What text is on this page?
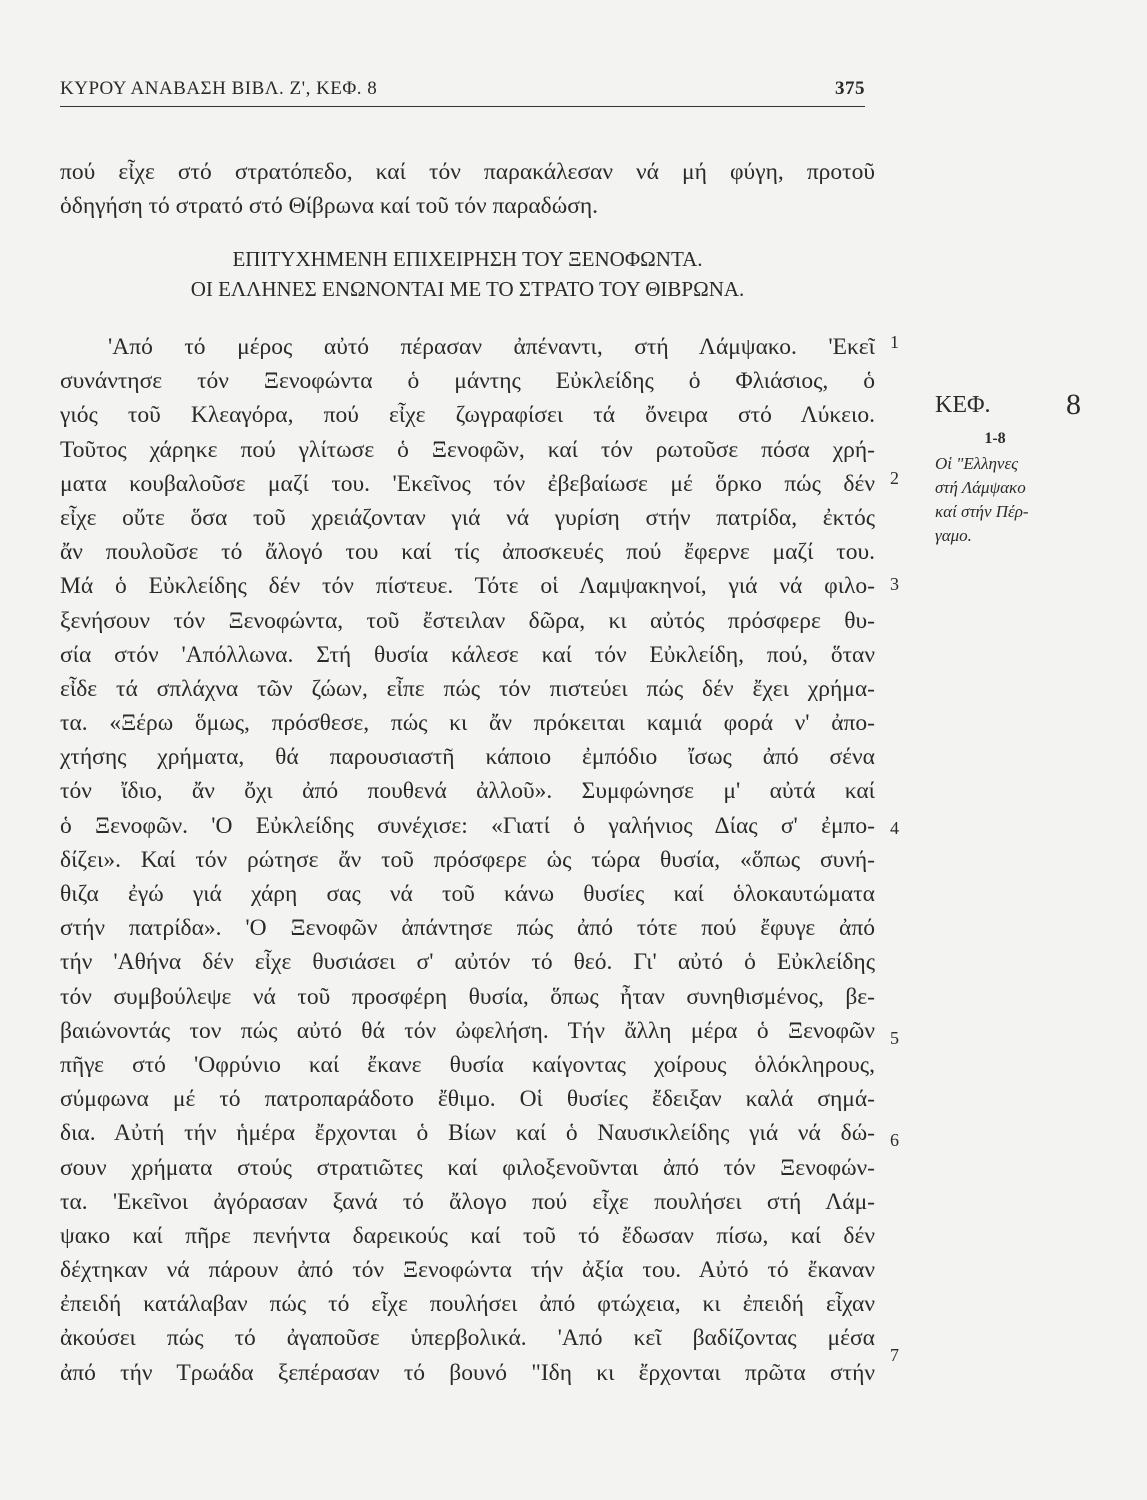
ΚΥΡΟΥ ΑΝΑΒΑΣΗ ΒΙΒΛ. Ζ', ΚΕΦ. 8	375
πού εἶχε στό στρατόπεδο, καί τόν παρακάλεσαν νά μή φύγη, προτοῦ
ὁδηγήση τό στρατό στό Θίβρωνα καί τοῦ τόν παραδώση.
ΕΠΙΤΥΧΗΜΕΝΗ ΕΠΙΧΕΙΡΗΣΗ ΤΟΥ ΞΕΝΟΦΩΝΤΑ.
ΟΙ ΕΛΛΗΝΕΣ ΕΝΩΝΟΝΤΑΙ ΜΕ ΤΟ ΣΤΡΑΤΟ ΤΟΥ ΘΙΒΡΩΝΑ.
'Από τό μέρος αὐτό πέρασαν ἀπέναντι, στή Λάμψακο. 'Εκεῖ
συνάντησε τόν Ξενοφώντα ὁ μάντης Εὐκλείδης ὁ Φλιάσιος, ὁ
γιός τοῦ Κλεαγόρα, πού εἶχε ζωγραφίσει τά ὄνειρα στό Λύκειο.
Τοῦτος χάρηκε πού γλίτωσε ὁ Ξενοφῶν, καί τόν ρωτοῦσε πόσα χρή-
ματα κουβαλοῦσε μαζί του. 'Εκεῖνος τόν ἐβεβαίωσε μέ ὅρκο πώς δέν
εἶχε οὔτε ὅσα τοῦ χρειάζονταν γιά νά γυρίση στήν πατρίδα, ἐκτός
ἄν πουλοῦσε τό ἄλογό του καί τίς ἀποσκευές πού ἔφερνε μαζί του.
Μά ὁ Εὐκλείδης δέν τόν πίστευε. Τότε οἱ Λαμψακηνοί, γιά νά φιλο-
ξενήσουν τόν Ξενοφώντα, τοῦ ἔστειλαν δῶρα, κι αὐτός πρόσφερε θυ-
σία στόν 'Απόλλωνα. Στή θυσία κάλεσε καί τόν Εὐκλείδη, πού, ὅταν
εἶδε τά σπλάχνα τῶν ζώων, εἶπε πώς τόν πιστεύει πώς δέν ἔχει χρήμα-
τα. «Ξέρω ὅμως, πρόσθεσε, πώς κι ἄν πρόκειται καμιά φορά ν' ἀπο-
χτήσης χρήματα, θά παρουσιαστῆ κάποιο ἐμπόδιο ἴσως ἀπό σένα
τόν ἴδιο, ἄν ὄχι ἀπό πουθενά ἀλλοῦ». Συμφώνησε μ' αὐτά καί
ὁ Ξενοφῶν. 'Ο Εὐκλείδης συνέχισε: «Γιατί ὁ γαλήνιος Δίας σ' ἐμπο-
δίζει». Καί τόν ρώτησε ἄν τοῦ πρόσφερε ὡς τώρα θυσία, «ὅπως συνή-
θιζα ἐγώ γιά χάρη σας νά τοῦ κάνω θυσίες καί ὁλοκαυτώματα
στήν πατρίδα». 'Ο Ξενοφῶν ἀπάντησε πώς ἀπό τότε πού ἔφυγε ἀπό
τήν 'Αθήνα δέν εἶχε θυσιάσει σ' αὐτόν τό θεό. Γι' αὐτό ὁ Εὐκλείδης
τόν συμβούλεψε νά τοῦ προσφέρη θυσία, ὅπως ἦταν συνηθισμένος, βε-
βαιώνοντάς τον πώς αὐτό θά τόν ὠφελήση. Τήν ἄλλη μέρα ὁ Ξενοφῶν
πῆγε στό 'Οφρύνιο καί ἔκανε θυσία καίγοντας χοίρους ὁλόκληρους,
σύμφωνα μέ τό πατροπαράδοτο ἔθιμο. Οἱ θυσίες ἔδειξαν καλά σημά-
δια. Αὐτή τήν ἡμέρα ἔρχονται ὁ Βίων καί ὁ Ναυσικλείδης γιά νά δώ-
σουν χρήματα στούς στρατιῶτες καί φιλοξενοῦνται ἀπό τόν Ξενοφών-
τα. 'Εκεῖνοι ἀγόρασαν ξανά τό ἄλογο πού εἶχε πουλήσει στή Λάμ-
ψακο καί πῆρε πενήντα δαρεικούς καί τοῦ τό ἔδωσαν πίσω, καί δέν
δέχτηκαν νά πάρουν ἀπό τόν Ξενοφώντα τήν ἀξία του. Αὐτό τό ἔκαναν
ἐπειδή κατάλαβαν πώς τό εἶχε πουλήσει ἀπό φτώχεια, κι ἐπειδή εἶχαν
ἀκούσει πώς τό ἀγαποῦσε ὑπερβολικά. 'Από κεῖ βαδίζοντας μέσα
ἀπό τήν Τρωάδα ξεπέρασαν τό βουνό "Ιδη κι ἔρχονται πρῶτα στήν
1
2
3
4
5
6
7
ΚΕΦ.	8
1-8
Οἱ "Ελληνες
στή Λάμψακο
καί στήν Πέρ-
γαμο.
